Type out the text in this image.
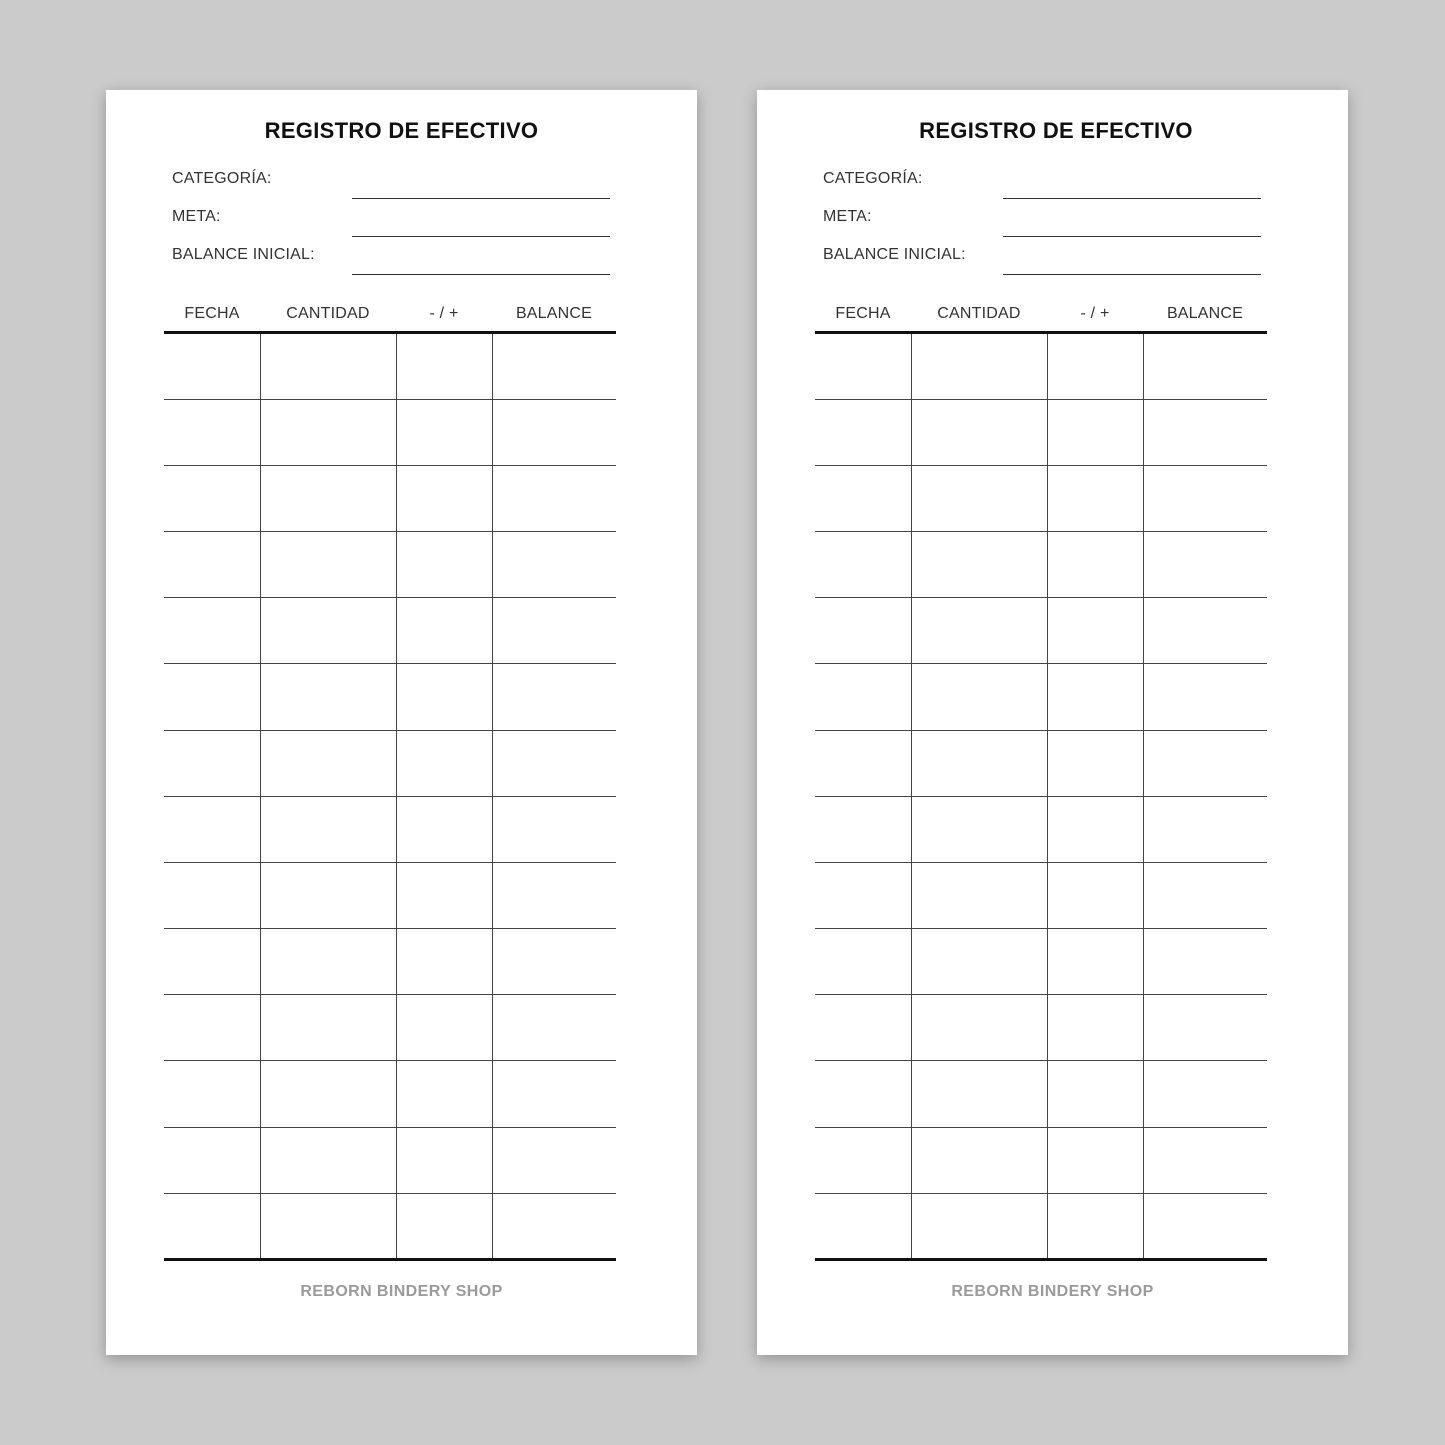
REGISTRO DE EFECTIVO
CATEGORÍA:
META:
BALANCE INICIAL:
FECHA	CANTIDAD	- / +	BALANCE
REBORN BINDERY SHOP
REGISTRO DE EFECTIVO
CATEGORÍA:
META:
BALANCE INICIAL:
FECHA	CANTIDAD	- / +	BALANCE
REBORN BINDERY SHOP
